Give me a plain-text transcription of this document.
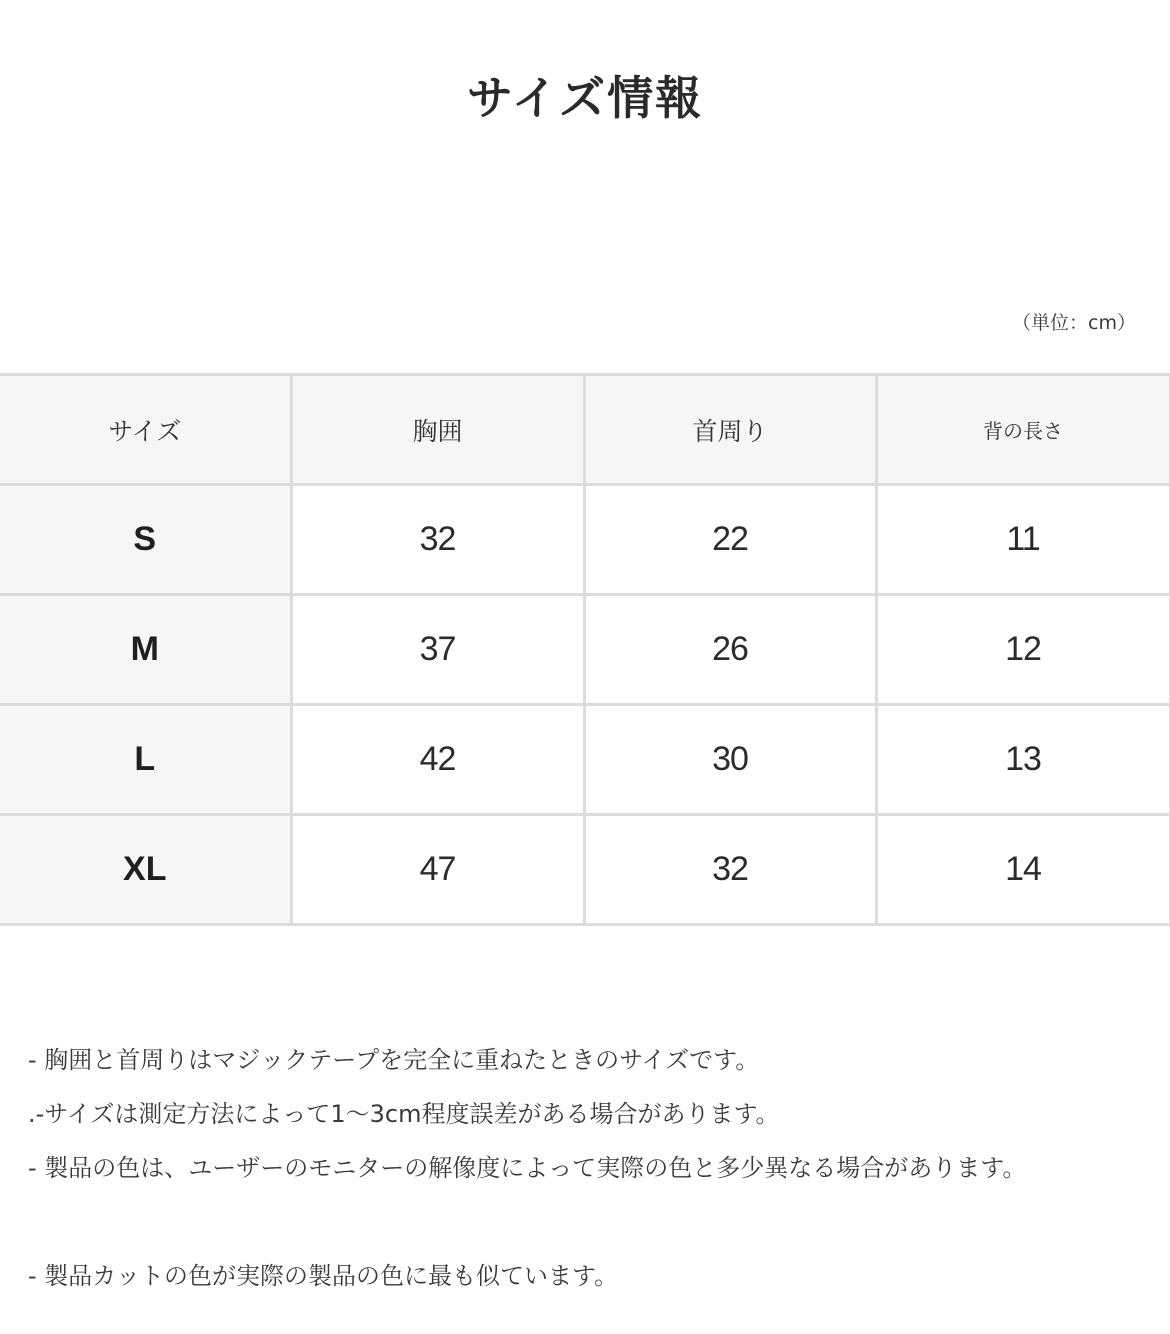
サイズ情報
（単位：cm）
サイズ	胸囲	首周り	背の長さ
S	32	22	11
M	37	26	12
L	42	30	13
XL	47	32	14
- 胸囲と首周りはマジックテープを完全に重ねたときのサイズです。
.-サイズは測定方法によって1～3cm程度誤差がある場合があります。
- 製品の色は、ユーザーのモニターの解像度によって実際の色と多少異なる場合があります。
- 製品カットの色が実際の製品の色に最も似ています。
